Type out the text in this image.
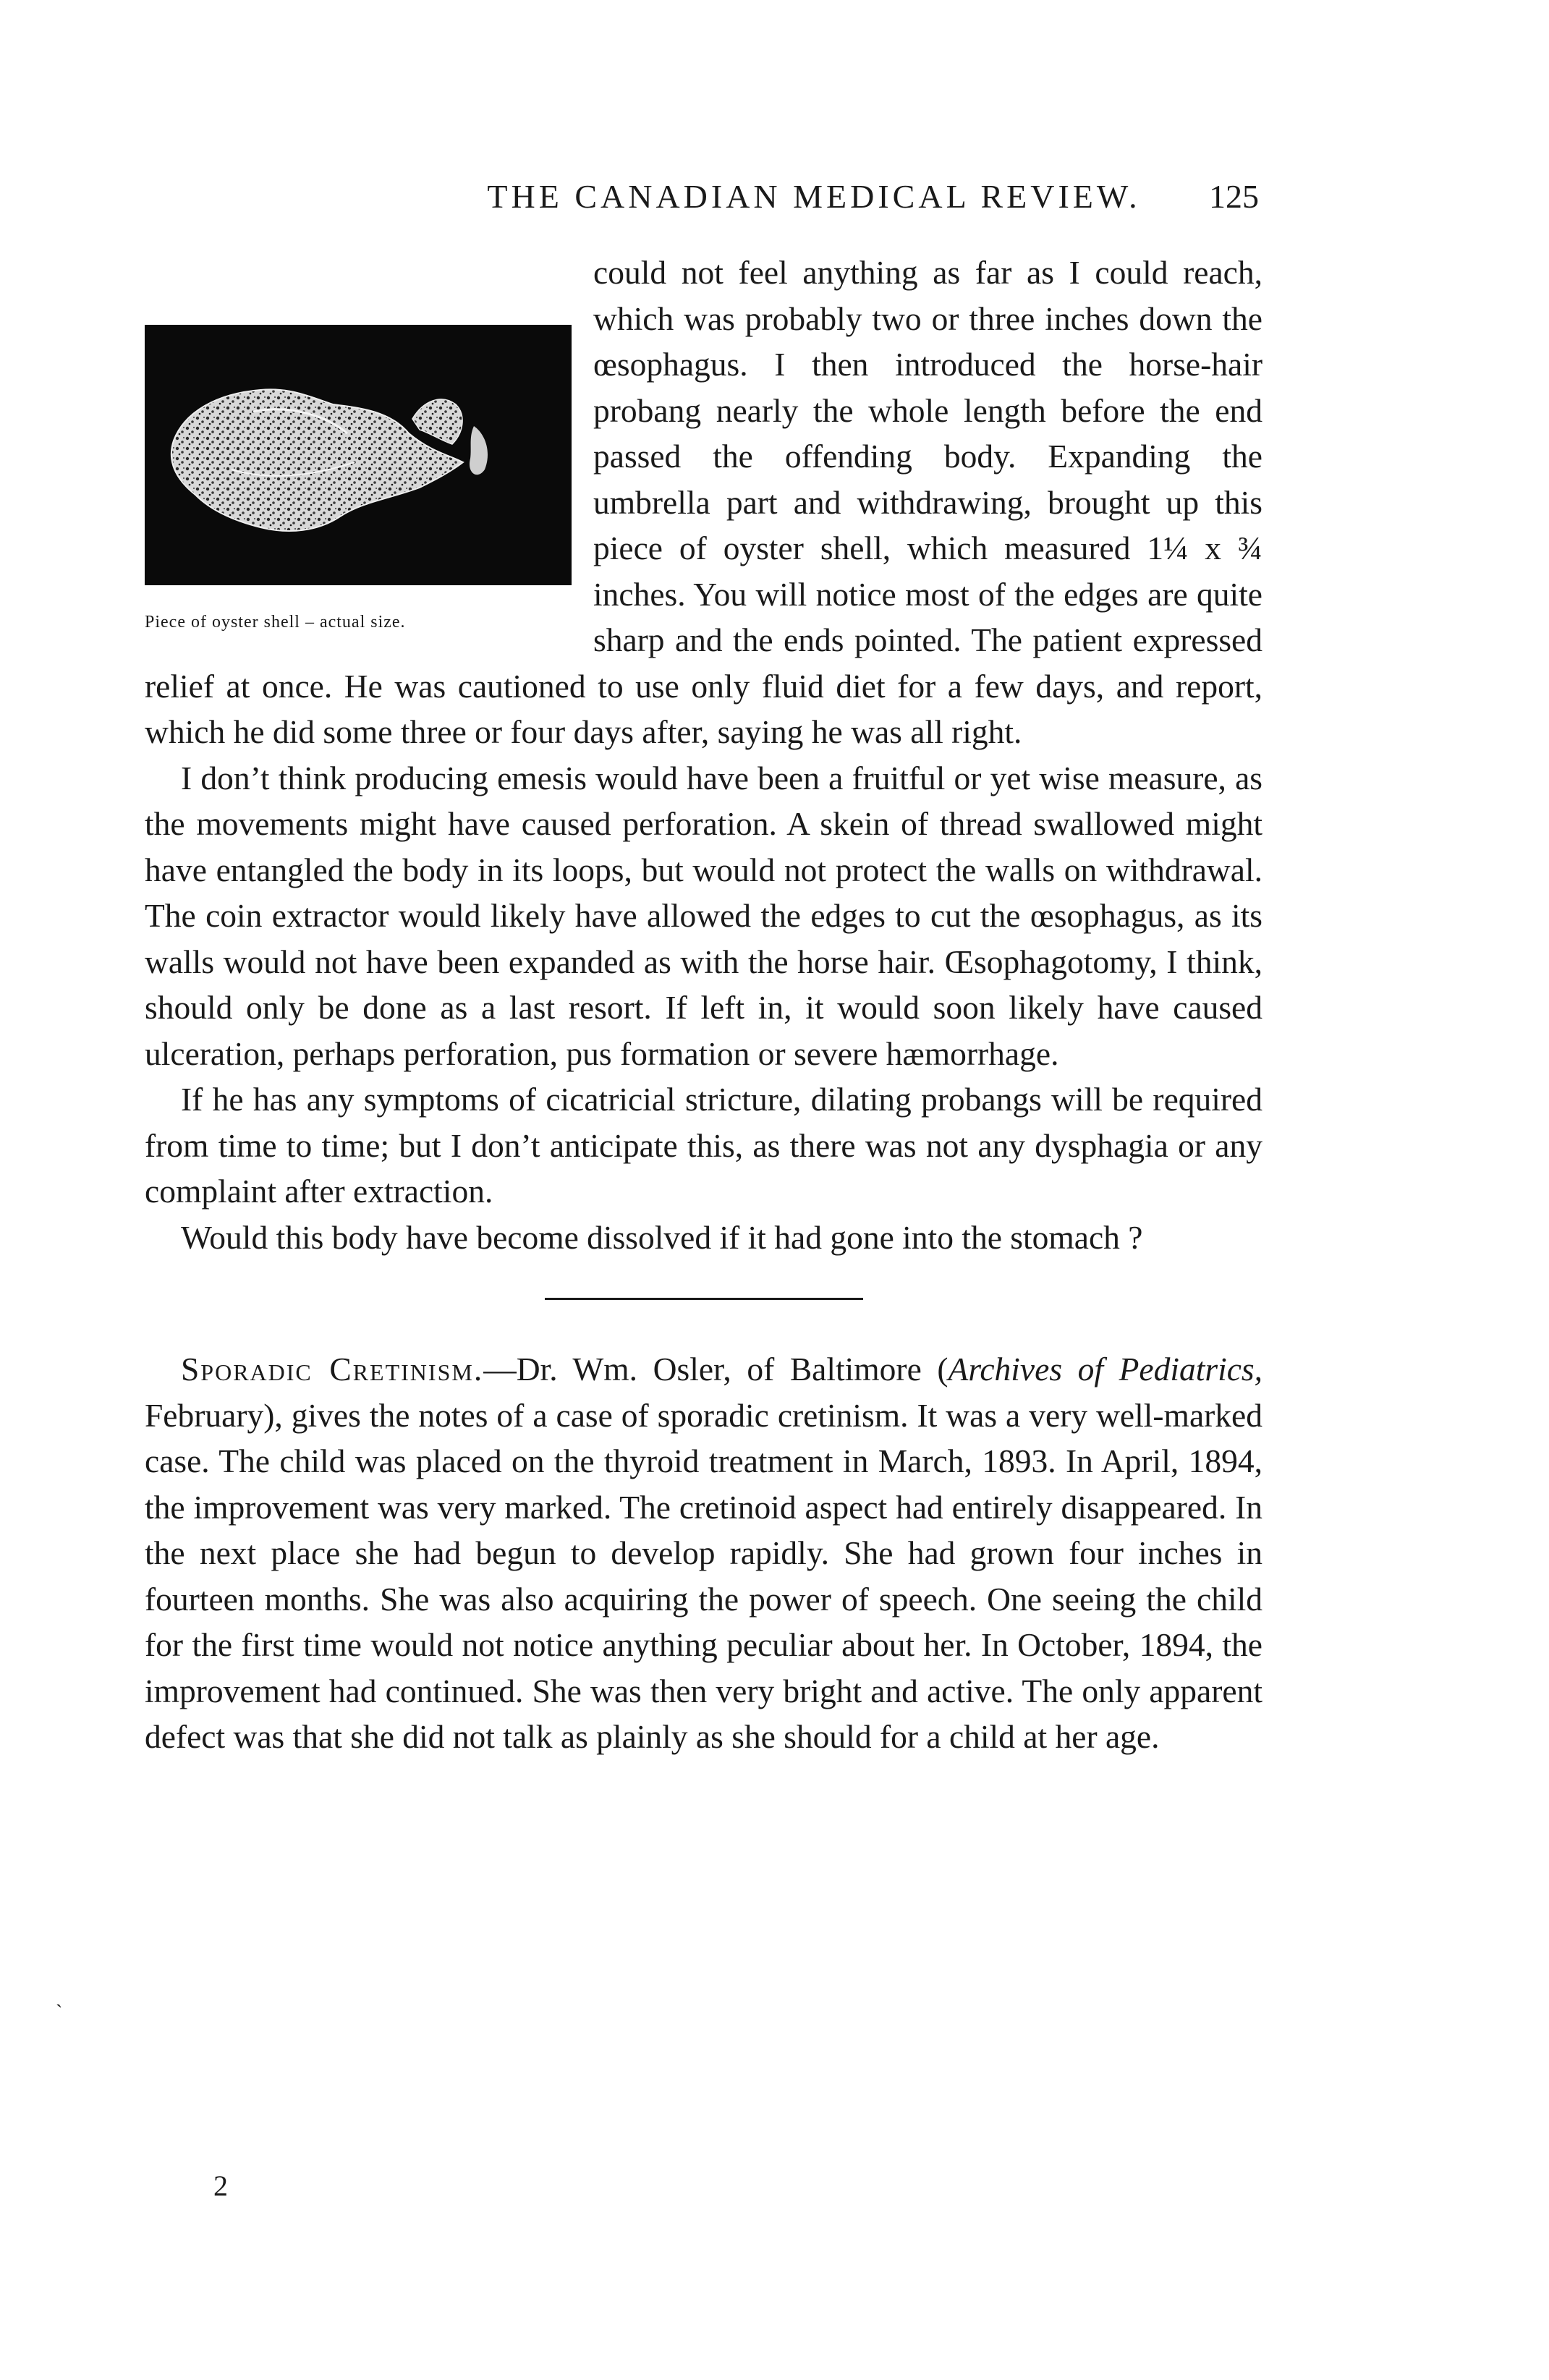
THE CANADIAN MEDICAL REVIEW.	125
Piece of oyster shell – actual size.

could not feel anything as far as I could reach, which was probably two or three inches down the œsophagus. I then introduced the horse-hair probang nearly the whole length before the end passed the offending body. Expanding the umbrella part and withdrawing, brought up this piece of oyster shell, which measured 1¼ x ¾ inches. You will notice most of the edges are quite sharp and the ends pointed. The patient expressed relief at once. He was cautioned to use only fluid diet for a few days, and report, which he did some three or four days after, saying he was all right.

I don’t think producing emesis would have been a fruitful or yet wise measure, as the movements might have caused perforation. A skein of thread swallowed might have entangled the body in its loops, but would not protect the walls on withdrawal. The coin extractor would likely have allowed the edges to cut the œsophagus, as its walls would not have been expanded as with the horse hair. Œsophagotomy, I think, should only be done as a last resort. If left in, it would soon likely have caused ulceration, perhaps perforation, pus formation or severe hæmorrhage.

If he has any symptoms of cicatricial stricture, dilating probangs will be required from time to time; but I don’t anticipate this, as there was not any dysphagia or any complaint after extraction.

Would this body have become dissolved if it had gone into the stomach ?

Sporadic Cretinism.—Dr. Wm. Osler, of Baltimore (Archives of Pediatrics, February), gives the notes of a case of sporadic cretinism. It was a very well-marked case. The child was placed on the thyroid treatment in March, 1893. In April, 1894, the improvement was very marked. The cretinoid aspect had entirely disappeared. In the next place she had begun to develop rapidly. She had grown four inches in fourteen months. She was also acquiring the power of speech. One seeing the child for the first time would not notice anything peculiar about her. In October, 1894, the improvement had continued. She was then very bright and active. The only apparent defect was that she did not talk as plainly as she should for a child at her age.

ˎ
2
